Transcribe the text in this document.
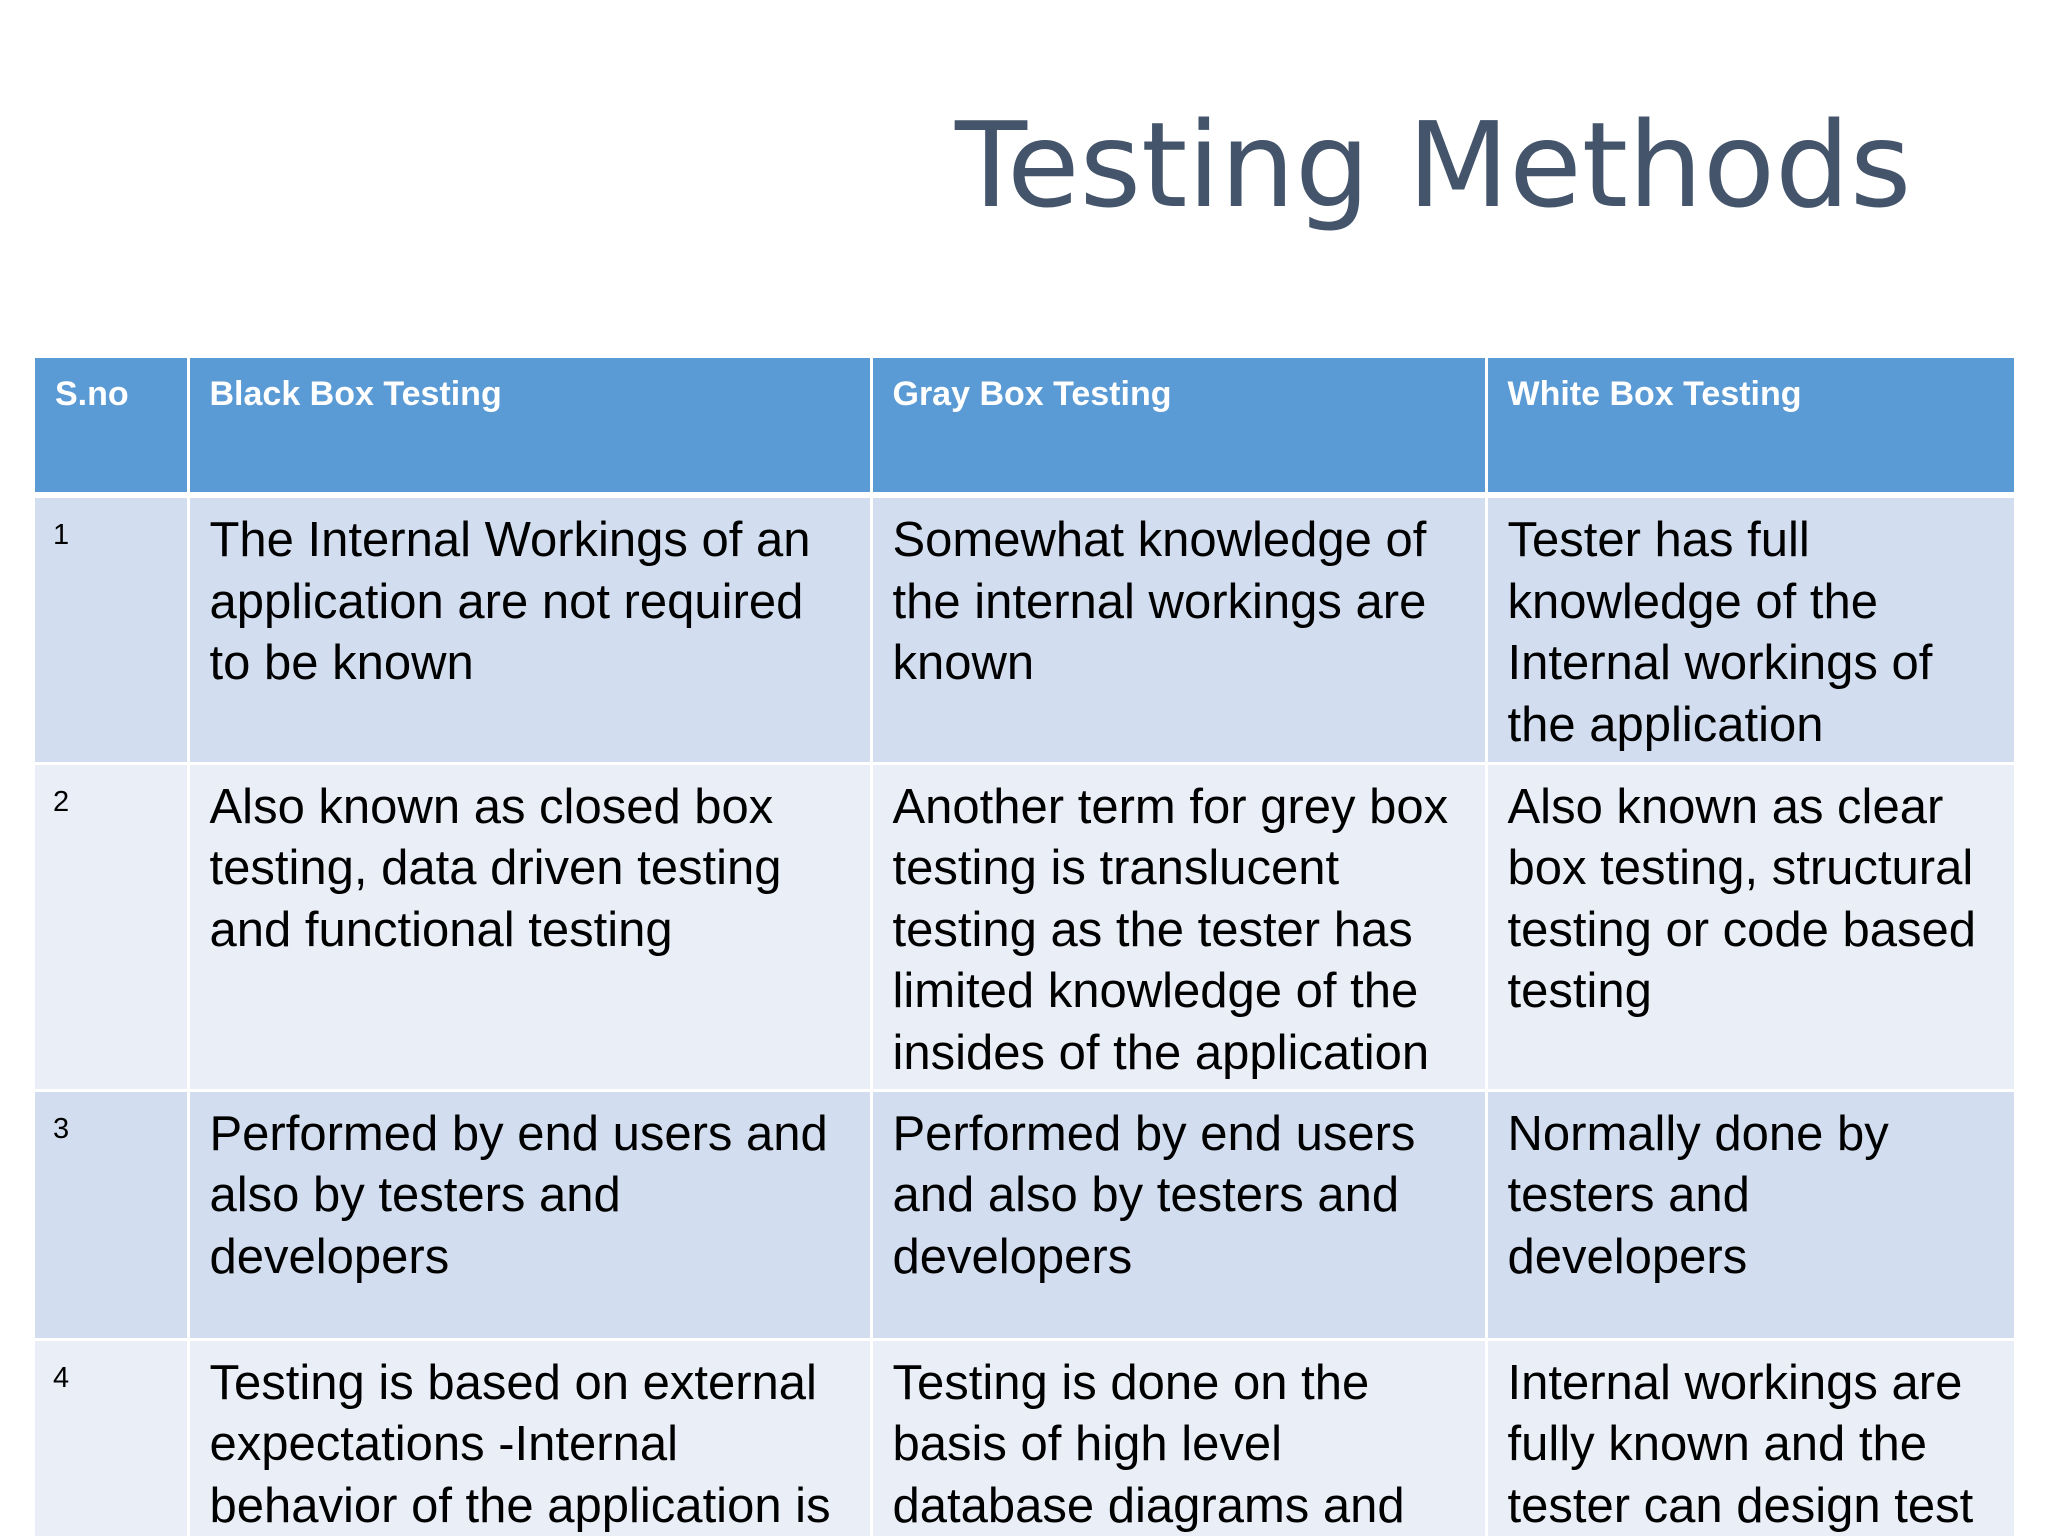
Testing Methods
S.no	Black Box Testing	Gray Box Testing	White Box Testing
1	The Internal Workings of an application are not required to be known	Somewhat knowledge of the internal workings are known	Tester has full knowledge of the Internal workings of the application
2	Also known as closed box testing, data driven testing and functional testing	Another term for grey box testing is translucent testing as the tester has limited knowledge of the insides of the application	Also known as clear box testing, structural testing or code based testing
3	Performed by end users and also by testers and developers	Performed by end users and also by testers and developers	Normally done by testers and developers
4	Testing is based on external expectations -Internal behavior of the application is	Testing is done on the basis of high level database diagrams and	Internal workings are fully known and the tester can design test
